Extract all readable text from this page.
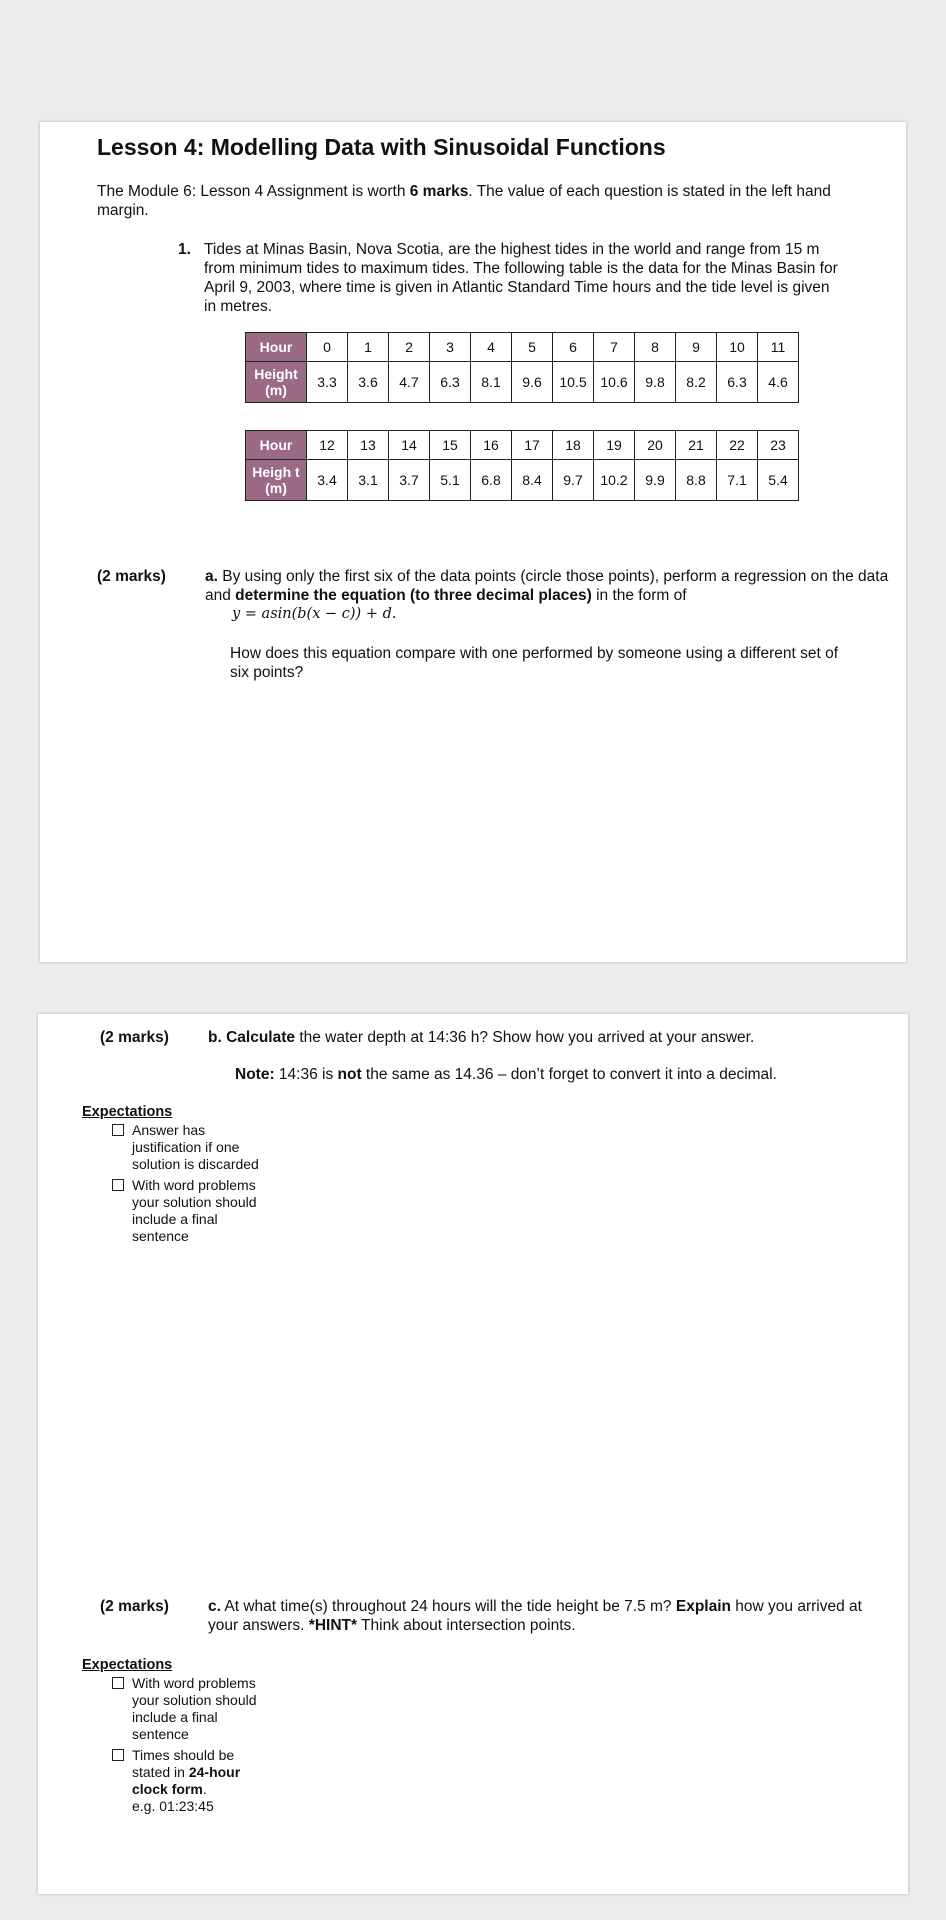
Lesson 4: Modelling Data with Sinusoidal Functions
The Module 6: Lesson 4 Assignment is worth 6 marks. The value of each question is stated in the left hand margin.
1. Tides at Minas Basin, Nova Scotia, are the highest tides in the world and range from 15 m from minimum tides to maximum tides. The following table is the data for the Minas Basin for April 9, 2003, where time is given in Atlantic Standard Time hours and the tide level is given in metres.
Hour	0	1	2	3	4	5	6	7	8	9	10	11
Height (m)	3.3	3.6	4.7	6.3	8.1	9.6	10.5	10.6	9.8	8.2	6.3	4.6
Hour	12	13	14	15	16	17	18	19	20	21	22	23
Heigh t (m)	3.4	3.1	3.7	5.1	6.8	8.4	9.7	10.2	9.9	8.8	7.1	5.4
(2 marks)	a. By using only the first six of the data points (circle those points), perform a regression on the data and determine the equation (to three decimal places) in the form of
y = asin(b(x − c)) + d.
How does this equation compare with one performed by someone using a different set of six points?
(2 marks)	b. Calculate the water depth at 14:36 h? Show how you arrived at your answer.
Note: 14:36 is not the same as 14.36 – don’t forget to convert it into a decimal.
Expectations
Answer has justification if one solution is discarded
With word problems your solution should include a final sentence
(2 marks)	c. At what time(s) throughout 24 hours will the tide height be 7.5 m? Explain how you arrived at your answers. *HINT* Think about intersection points.
Expectations
With word problems your solution should include a final sentence
Times should be stated in 24-hour clock form.
e.g. 01:23:45
